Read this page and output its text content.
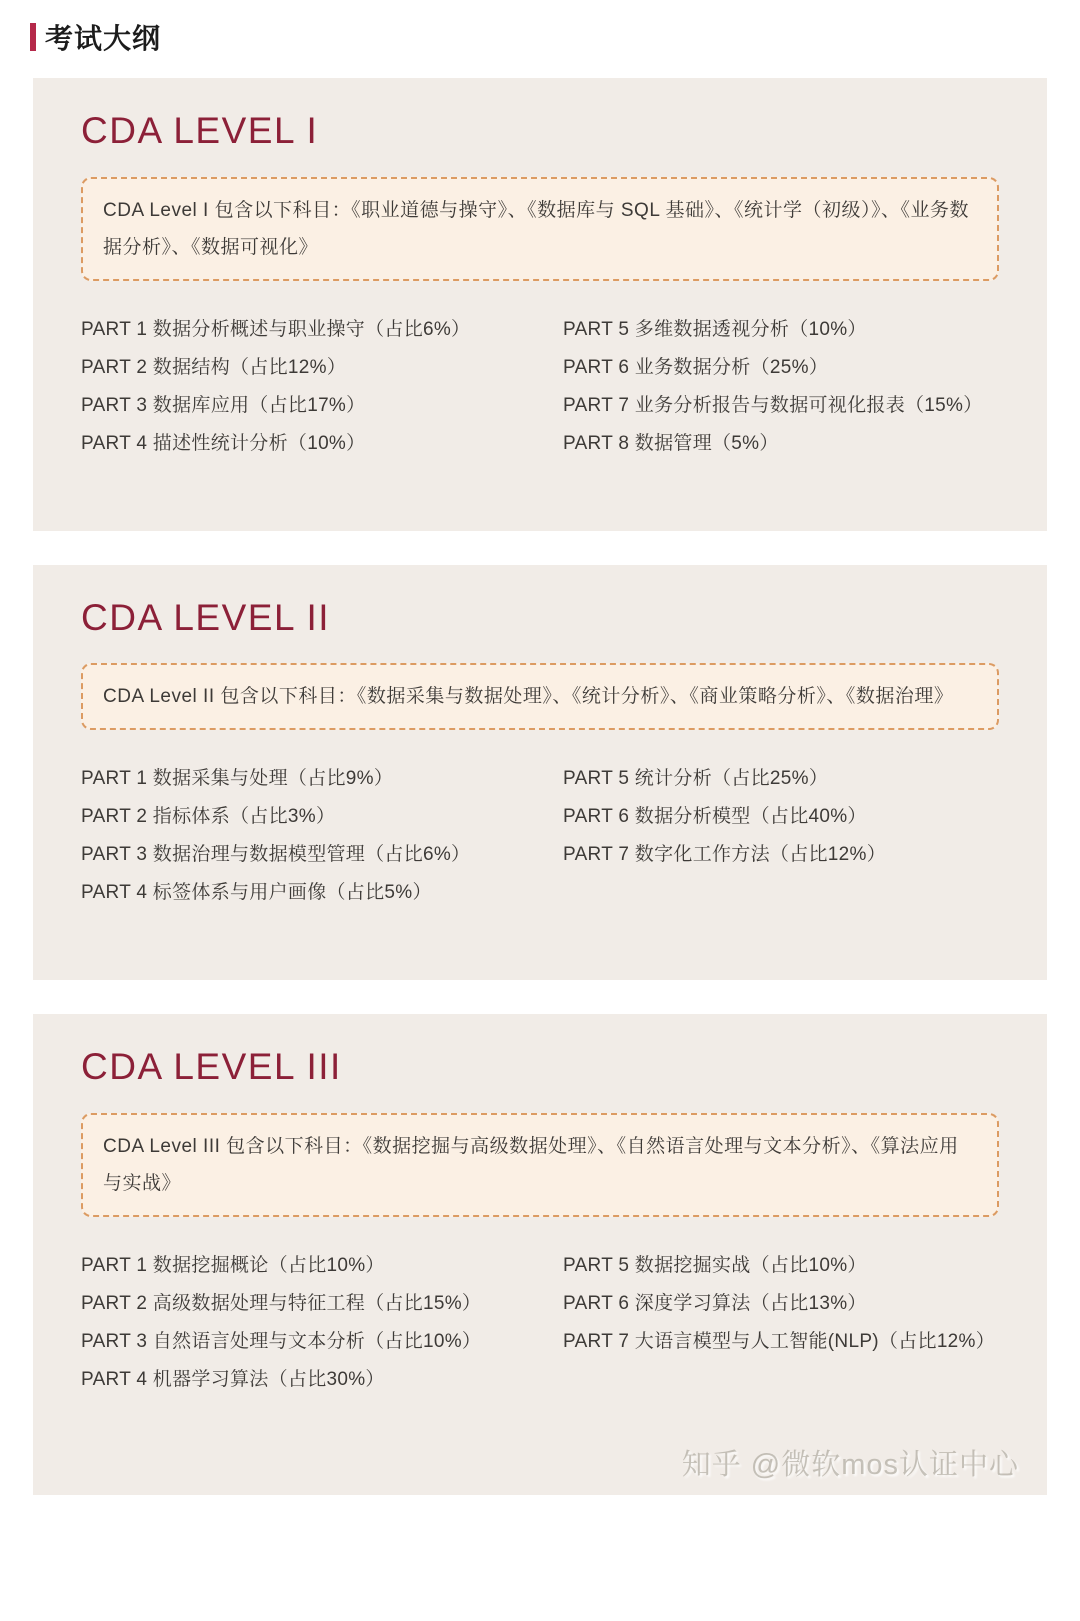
考试大纲
CDA LEVEL I

CDA Level I 包含以下科目：《职业道德与操守》、《数据库与 SQL 基础》、《统计学（初级）》、《业务数据分析》、《数据可视化》

PART 1 数据分析概述与职业操守（占比6%）
PART 2 数据结构（占比12%）
PART 3 数据库应用（占比17%）
PART 4 描述性统计分析（10%）
PART 5 多维数据透视分析（10%）
PART 6 业务数据分析（25%）
PART 7 业务分析报告与数据可视化报表（15%）
PART 8 数据管理（5%）
CDA LEVEL II

CDA Level II 包含以下科目：《数据采集与数据处理》、《统计分析》、《商业策略分析》、《数据治理》

PART 1 数据采集与处理（占比9%）
PART 2 指标体系（占比3%）
PART 3 数据治理与数据模型管理（占比6%）
PART 4 标签体系与用户画像（占比5%）
PART 5 统计分析（占比25%）
PART 6 数据分析模型（占比40%）
PART 7 数字化工作方法（占比12%）
CDA LEVEL III

CDA Level III 包含以下科目：《数据挖掘与高级数据处理》、《自然语言处理与文本分析》、《算法应用与实战》

PART 1 数据挖掘概论（占比10%）
PART 2 高级数据处理与特征工程（占比15%）
PART 3 自然语言处理与文本分析（占比10%）
PART 4 机器学习算法（占比30%）
PART 5 数据挖掘实战（占比10%）
PART 6 深度学习算法（占比13%）
PART 7 大语言模型与人工智能(NLP)（占比12%）
知乎 @微软mos认证中心
